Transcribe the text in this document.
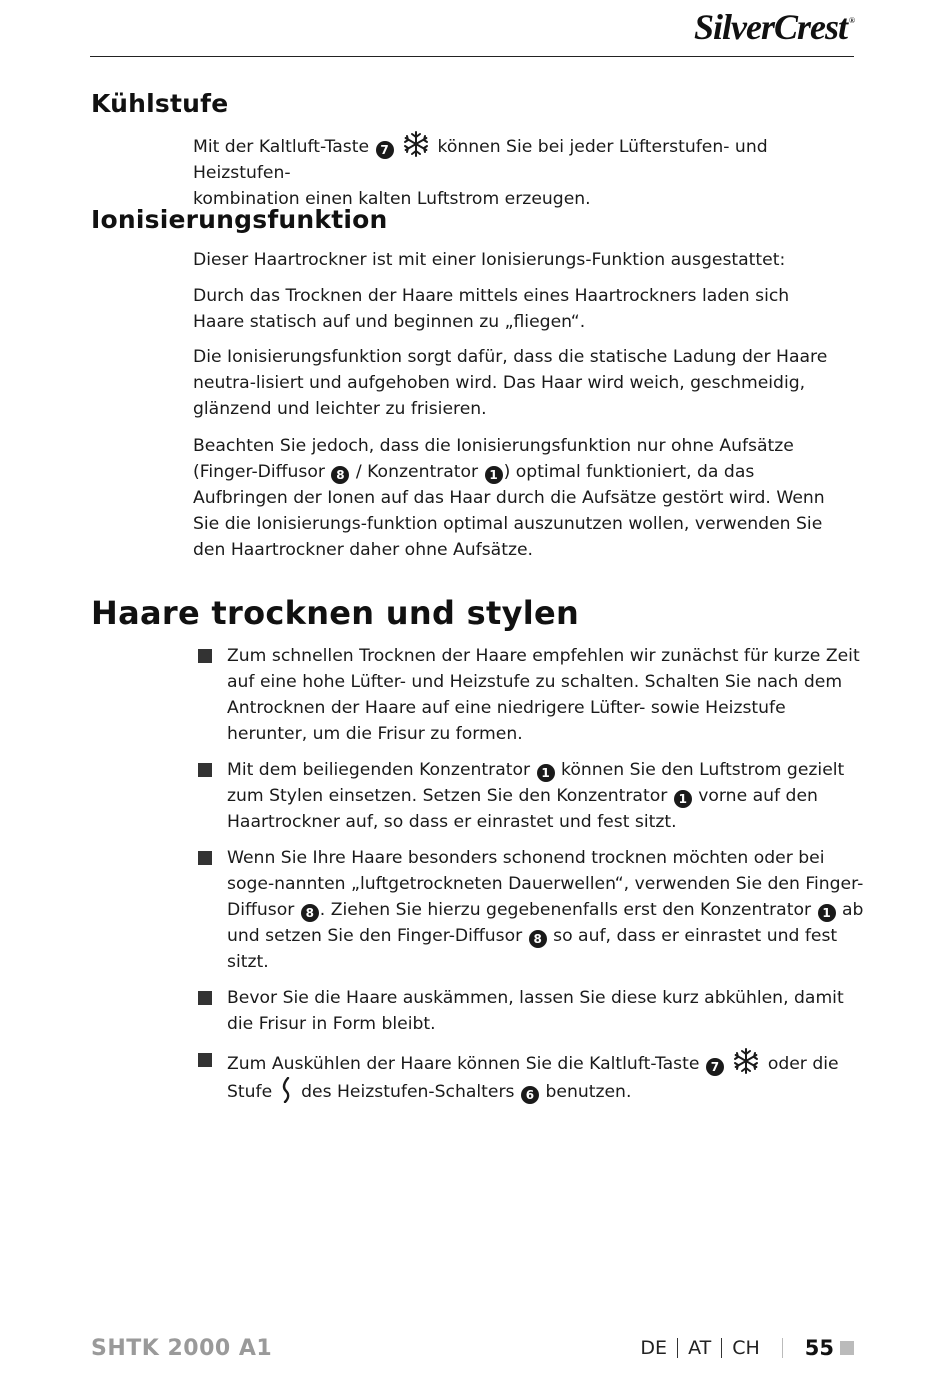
SilverCrest ®
Kühlstufe

Mit der Kaltluft-Taste 7	können Sie bei jeder Lüfterstufen- und Heizstufen-
kombination einen kalten Luftstrom erzeugen.

Ionisierungsfunktion

Dieser Haartrockner ist mit einer Ionisierungs-Funktion ausgestattet:

Durch das Trocknen der Haare mittels eines Haartrockners laden sich Haare statisch auf und beginnen zu „fliegen“.

Die Ionisierungsfunktion sorgt dafür, dass die statische Ladung der Haare neutra-lisiert und aufgehoben wird. Das Haar wird weich, geschmeidig, glänzend und leichter zu frisieren.

Beachten Sie jedoch, dass die Ionisierungsfunktion nur ohne Aufsätze (Finger-Diffusor 8 / Konzentrator 1 ) optimal funktioniert, da das Aufbringen der Ionen auf das Haar durch die Aufsätze gestört wird. Wenn Sie die Ionisierungs-funktion optimal auszunutzen wollen, verwenden Sie den Haartrockner daher ohne Aufsätze.

Haare trocknen und stylen
Zum schnellen Trocknen der Haare empfehlen wir zunächst für kurze Zeit auf eine hohe Lüfter- und Heizstufe zu schalten. Schalten Sie nach dem Antrocknen der Haare auf eine niedrigere Lüfter- sowie Heizstufe herunter, um die Frisur zu formen.
Mit dem beiliegenden Konzentrator 1 können Sie den Luftstrom gezielt zum Stylen einsetzen. Setzen Sie den Konzentrator 1 vorne auf den Haartrockner auf, so dass er einrastet und fest sitzt.
Wenn Sie Ihre Haare besonders schonend trocknen möchten oder bei soge-nannten „luftgetrockneten Dauerwellen“, verwenden Sie den Finger-Diffusor 8 . Ziehen Sie hierzu gegebenenfalls erst den Konzentrator 1 ab und setzen Sie den Finger-Diffusor 8 so auf, dass er einrastet und fest sitzt.
Bevor Sie die Haare auskämmen, lassen Sie diese kurz abkühlen, damit die Frisur in Form bleibt.
Zum Auskühlen der Haare können Sie die Kaltluft-Taste 7	oder die Stufe des Heizstufen-Schalters 6 benutzen.
SHTK 2000 A1	DE AT CH 55
